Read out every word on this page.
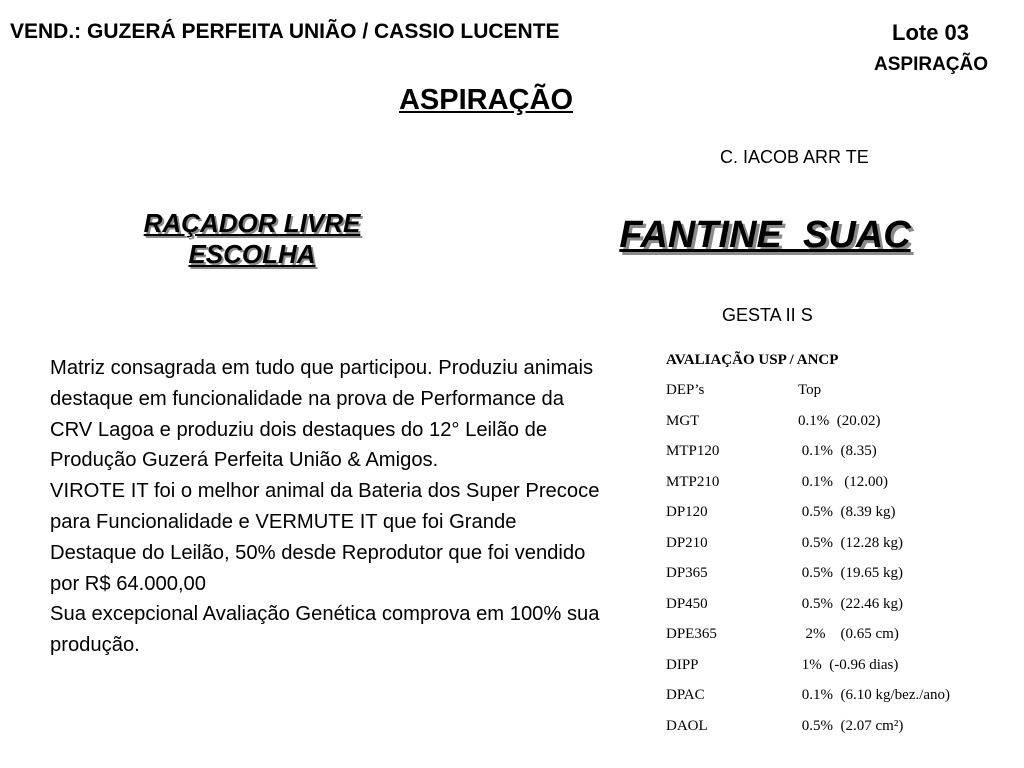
VEND.: GUZERÁ PERFEITA UNIÃO / CASSIO LUCENTE	Lote 03
ASPIRAÇÃO
ASPIRAÇÃO
C. IACOB ARR TE
RAÇADOR LIVRE
ESCOLHA	FANTINE  SUAC
GESTA II S

Matriz consagrada em tudo que participou. Produziu animais destaque em funcionalidade na prova de Performance da CRV Lagoa e produziu dois destaques do 12° Leilão de Produção Guzerá Perfeita União & Amigos.

VIROTE IT foi o melhor animal da Bateria dos Super Precoce para Funcionalidade e VERMUTE IT que foi Grande Destaque do Leilão, 50% desde Reprodutor que foi vendido por R$ 64.000,00

Sua excepcional Avaliação Genética comprova em 100% sua produção.

AVALIAÇÃO USP / ANCP
DEP’s	Top
MGT	0.1%  (20.02)
MTP120	0.1%  (8.35)
MTP210	0.1%   (12.00)
DP120	0.5%  (8.39 kg)
DP210	0.5%  (12.28 kg)
DP365	0.5%  (19.65 kg)
DP450	0.5%  (22.46 kg)
DPE365	2%    (0.65 cm)
DIPP	1%  (-0.96 dias)
DPAC	0.1%  (6.10 kg/bez./ano)
DAOL	0.5%  (2.07 cm²)
